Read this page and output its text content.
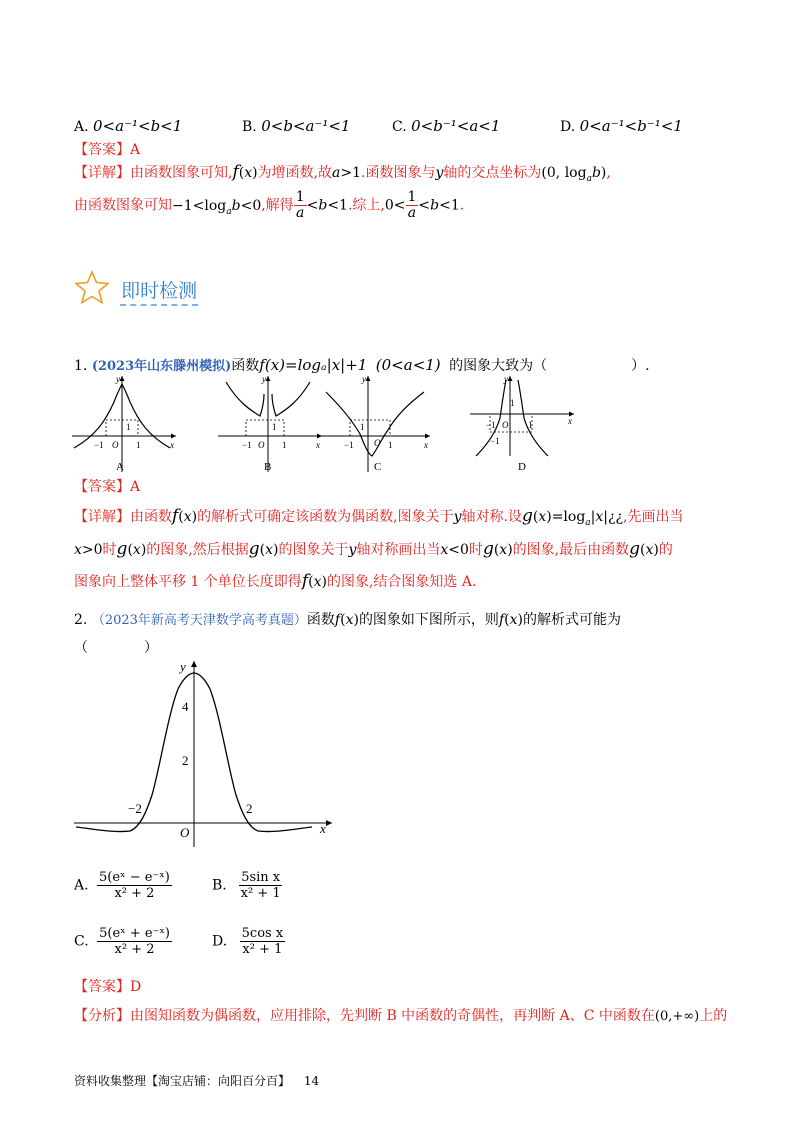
A. 0<a⁻¹<b<1	B. 0<b<a⁻¹<1	C. 0<b⁻¹<a<1	D. 0<a⁻¹<b⁻¹<1
【答案】A
【详解】由函数图象可知,f(x)为增函数,故a>1.函数图象与y轴的交点坐标为(0, $\log_ab$),
由函数图象可知$-1<\log_ab<0$,解得 $\frac{1}{a} <b<1$.综上$,0< \frac{1}{a} <b<1$.
即时检测
1. (2023年山东滕州模拟)函数f(x)=logₐ|x|+1 (0<a<1) 的图象大致为（　　　　　　）.
x
y
1
−1 O 1
A
x
y
1
−1 O 1
B
x
y
1
−1 O 1
C
x
y
1
−1 O 1
−1
D
【答案】A
【详解】由函数f(x)的解析式可确定该函数为偶函数,图象关于y轴对称.设$g(x)=\log_a|x|¿¿$,先画出当
x>0时g(x)的图象,然后根据g(x)的图象关于y轴对称画出当x<0时g(x)的图象,最后由函数g(x)的
图象向上整体平移 1 个单位长度即得f(x)的图象,结合图象知选 A.
2. （2023年新高考天津数学高考真题）函数f(x)的图象如下图所示，则f(x)的解析式可能为
（　　　　）
x
y
O
−2	2
2
4
A. $\frac{\text{5(eˣ − e⁻ˣ)}}{\text{x² + 2}}$	B. $\frac{\text{5sin x}}{\text{x² + 1}}$
C. $\frac{\text{5(eˣ + e⁻ˣ)}}{\text{x² + 2}}$	D. $\frac{\text{5cos x}}{\text{x² + 1}}$
【答案】D
【分析】由图知函数为偶函数，应用排除，先判断 B 中函数的奇偶性，再判断 A、C 中函数在(0,+∞)上的
资料收集整理【淘宝店铺：向阳百分百】 14
